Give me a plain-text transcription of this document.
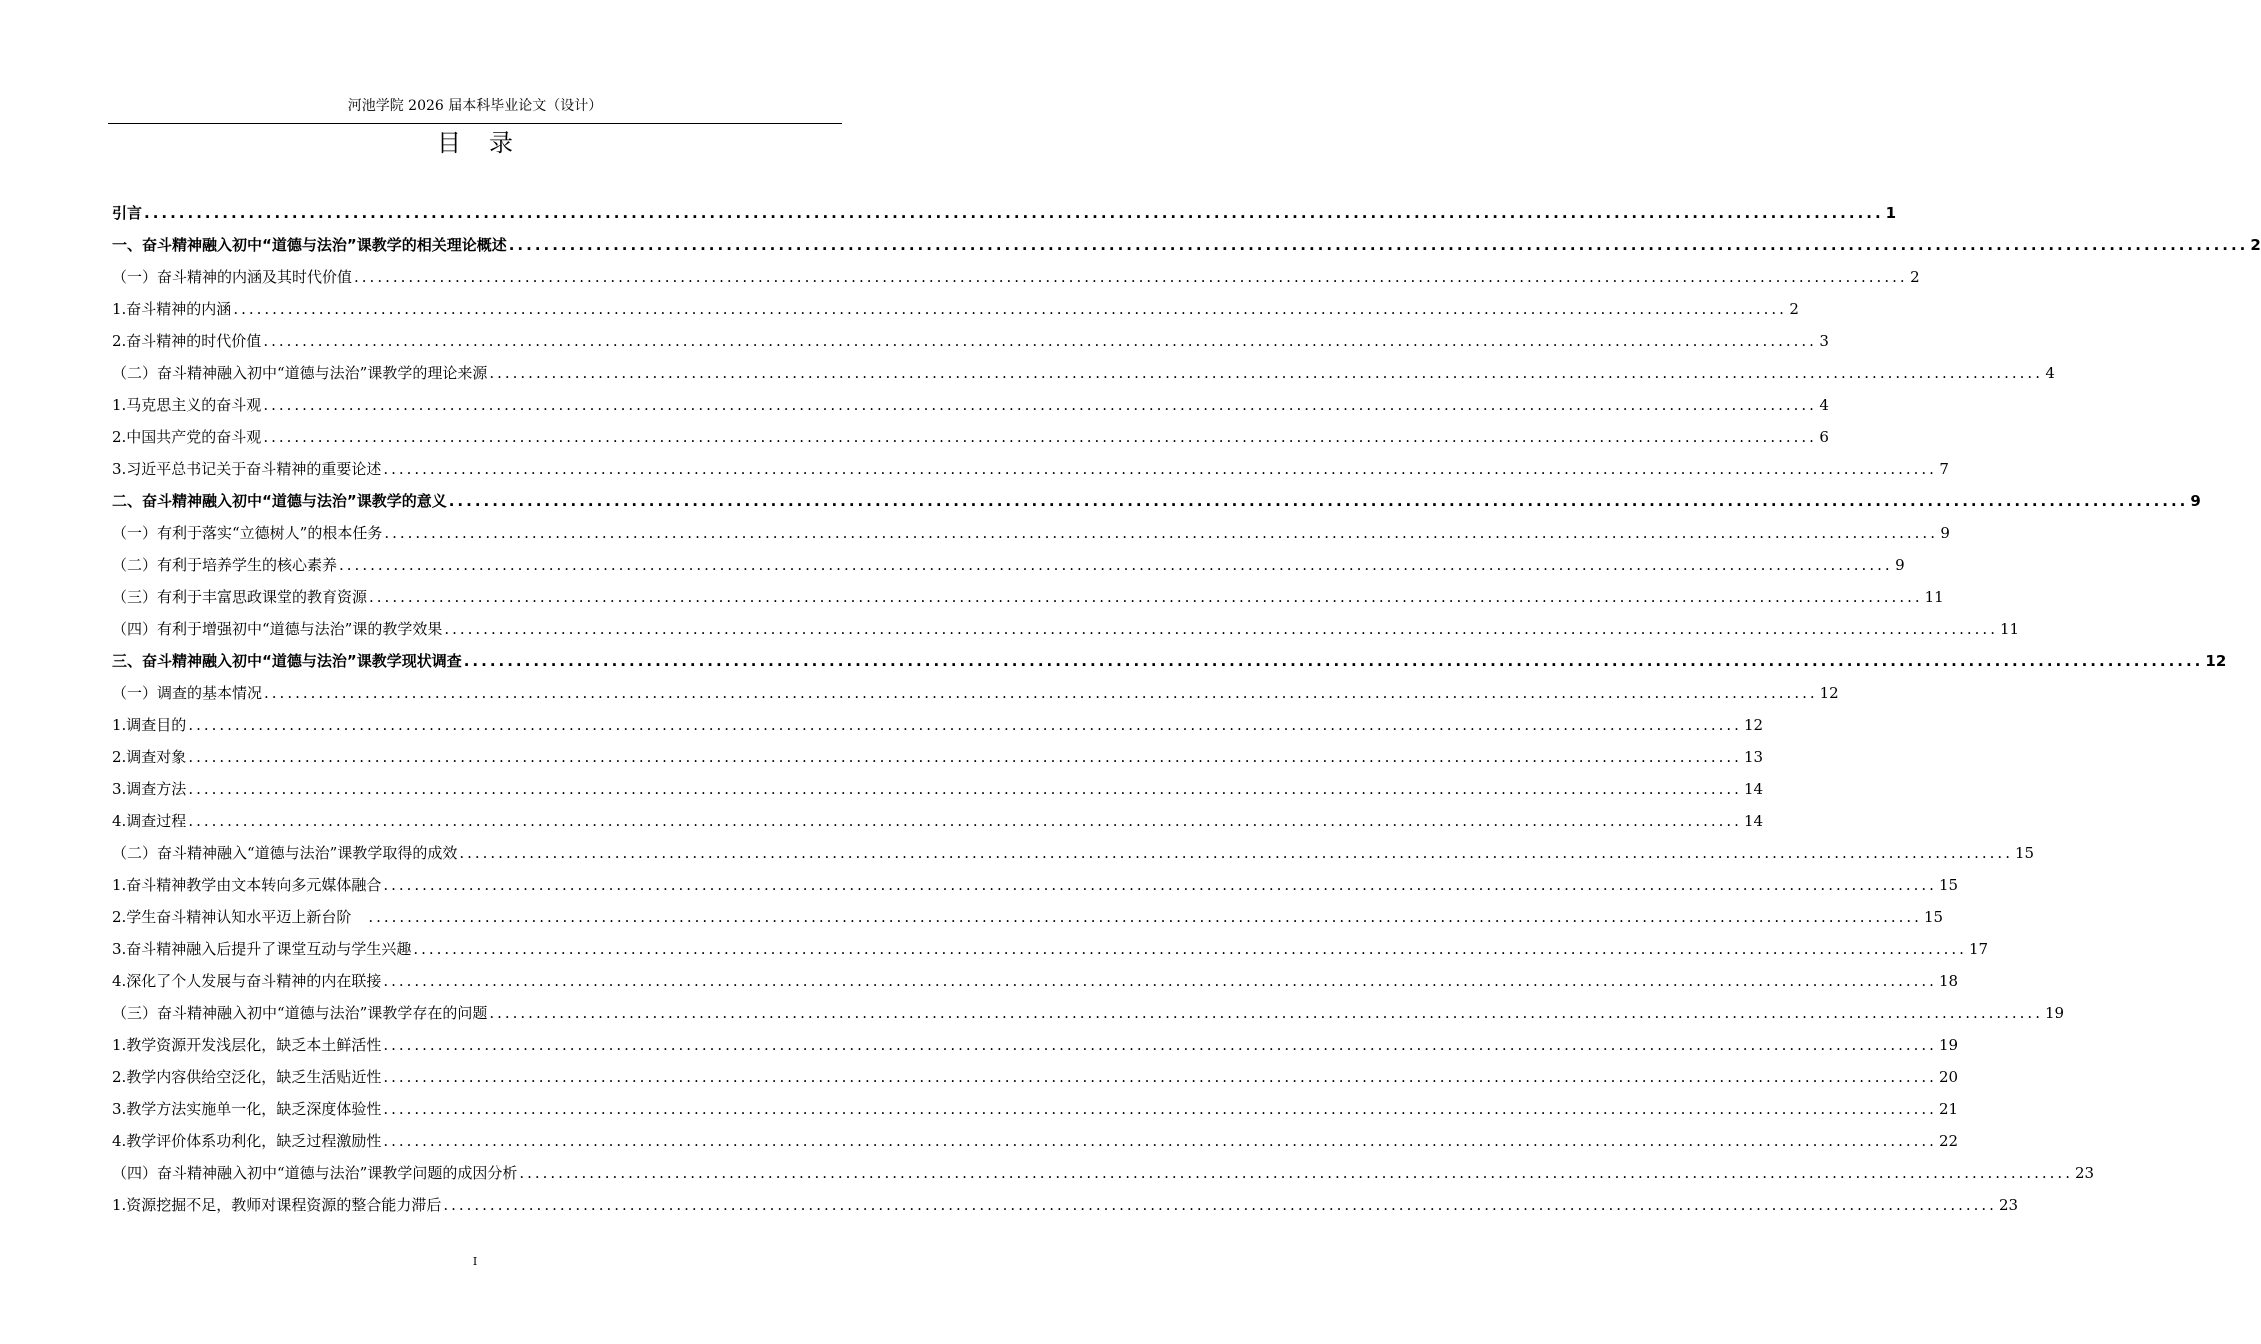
河池学院 2026 届本科毕业论文（设计）
目录
引言 ........................................................................................................................................................................................................ 1
一、奋斗精神融入初中“道德与法治”课教学的相关理论概述 ........................................................................................................................................................................................................ 2
（一）奋斗精神的内涵及其时代价值 ........................................................................................................................................................................................................ 2
1.奋斗精神的内涵 ........................................................................................................................................................................................................ 2
2.奋斗精神的时代价值 ........................................................................................................................................................................................................ 3
（二）奋斗精神融入初中“道德与法治”课教学的理论来源 ........................................................................................................................................................................................................ 4
1.马克思主义的奋斗观 ........................................................................................................................................................................................................ 4
2.中国共产党的奋斗观 ........................................................................................................................................................................................................ 6
3.习近平总书记关于奋斗精神的重要论述 ........................................................................................................................................................................................................ 7
二、奋斗精神融入初中“道德与法治”课教学的意义 ........................................................................................................................................................................................................ 9
（一）有利于落实“立德树人”的根本任务 ........................................................................................................................................................................................................ 9
（二）有利于培养学生的核心素养 ........................................................................................................................................................................................................ 9
（三）有利于丰富思政课堂的教育资源 ........................................................................................................................................................................................................ 11
（四）有利于增强初中“道德与法治”课的教学效果 ........................................................................................................................................................................................................ 11
三、奋斗精神融入初中“道德与法治”课教学现状调查 ........................................................................................................................................................................................................ 12
（一）调查的基本情况 ........................................................................................................................................................................................................ 12
1.调查目的 ........................................................................................................................................................................................................ 12
2.调查对象 ........................................................................................................................................................................................................ 13
3.调查方法 ........................................................................................................................................................................................................ 14
4.调查过程 ........................................................................................................................................................................................................ 14
（二）奋斗精神融入“道德与法治”课教学取得的成效 ........................................................................................................................................................................................................ 15
1.奋斗精神教学由文本转向多元媒体融合 ........................................................................................................................................................................................................ 15
2.学生奋斗精神认知水平迈上新台阶　 ........................................................................................................................................................................................................ 15
3.奋斗精神融入后提升了课堂互动与学生兴趣 ........................................................................................................................................................................................................ 17
4.深化了个人发展与奋斗精神的内在联接 ........................................................................................................................................................................................................ 18
（三）奋斗精神融入初中“道德与法治”课教学存在的问题 ........................................................................................................................................................................................................ 19
1.教学资源开发浅层化，缺乏本土鲜活性 ........................................................................................................................................................................................................ 19
2.教学内容供给空泛化，缺乏生活贴近性 ........................................................................................................................................................................................................ 20
3.教学方法实施单一化，缺乏深度体验性 ........................................................................................................................................................................................................ 21
4.教学评价体系功利化，缺乏过程激励性 ........................................................................................................................................................................................................ 22
（四）奋斗精神融入初中“道德与法治”课教学问题的成因分析 ........................................................................................................................................................................................................ 23
1.资源挖掘不足，教师对课程资源的整合能力滞后 ........................................................................................................................................................................................................ 23
I
